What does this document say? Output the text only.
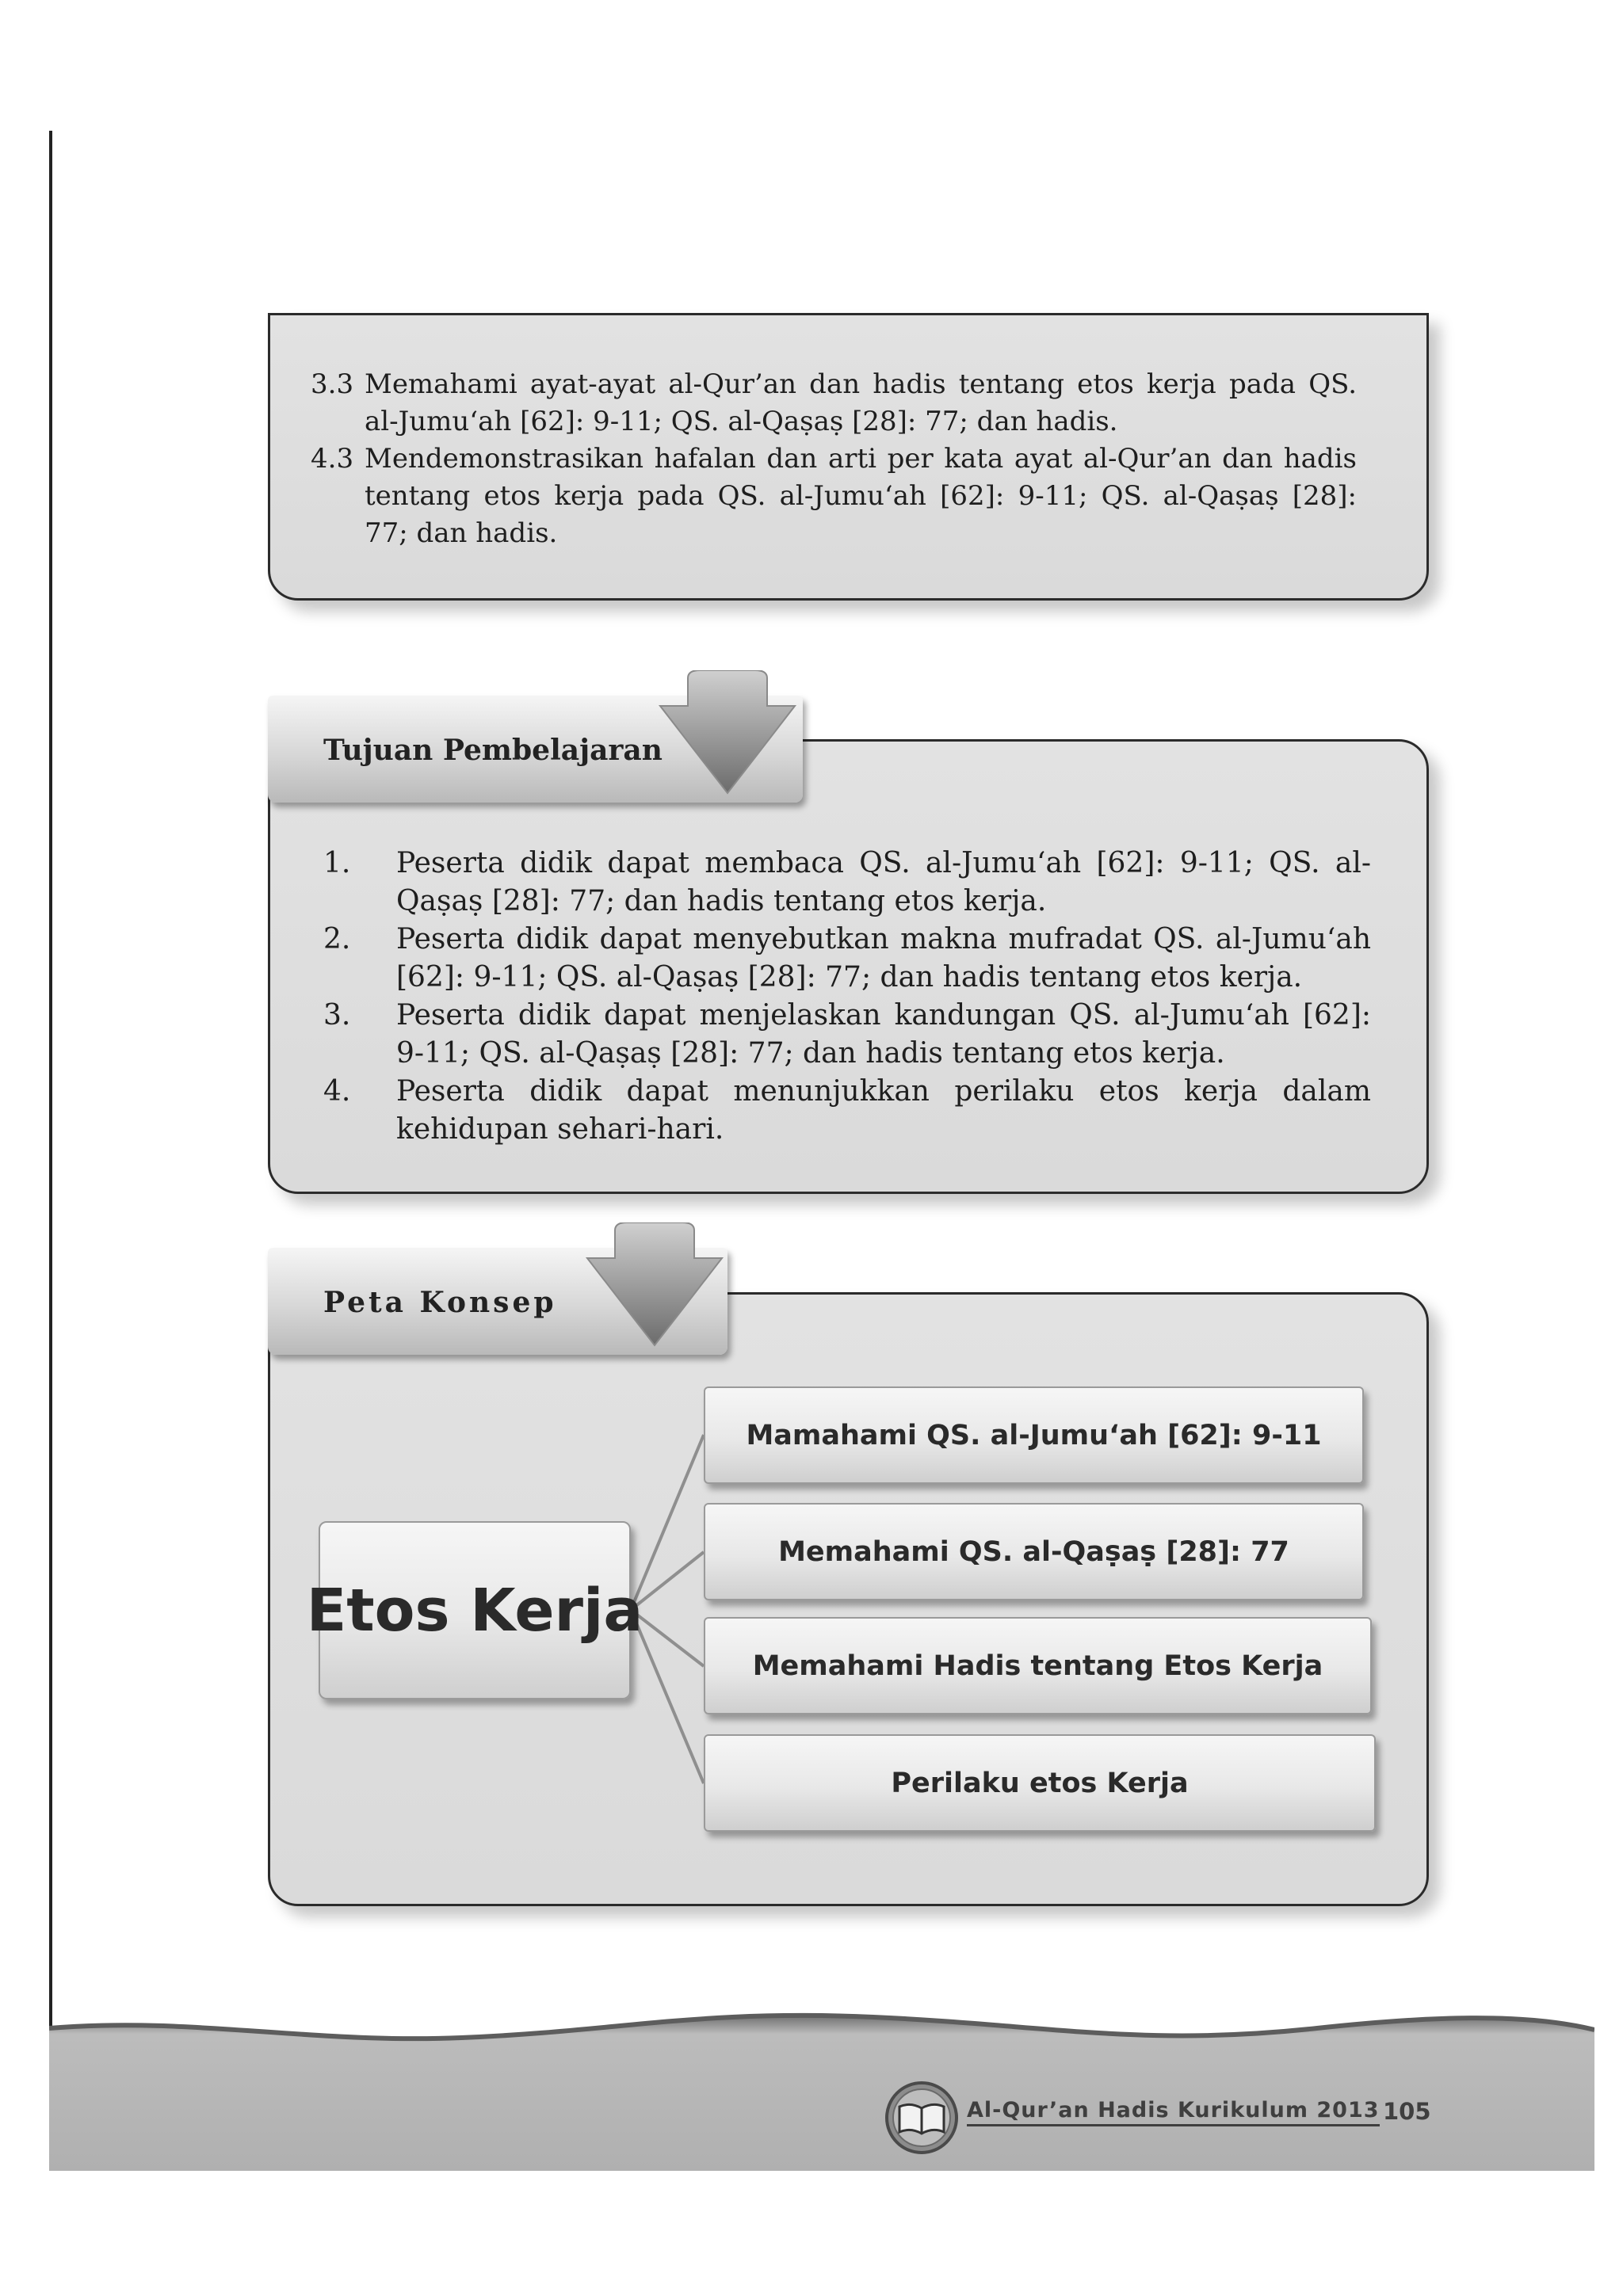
3.3 Memahami ayat-ayat al-Qur’an dan hadis tentang etos kerja pada QS. al-Jumu‘ah [62]: 9-11; QS. al-Qaṣaṣ [28]: 77; dan hadis.
4.3 Mendemonstrasikan hafalan dan arti per kata ayat al-Qur’an dan hadis tentang etos kerja pada QS. al-Jumu‘ah [62]: 9-11; QS. al-Qaṣaṣ [28]: 77; dan hadis.
Tujuan Pembelajaran
1.	Peserta didik dapat membaca QS. al-Jumu‘ah [62]: 9-11; QS. al-Qaṣaṣ [28]: 77; dan hadis tentang etos kerja.
2.	Peserta didik dapat menyebutkan makna mufradat QS. al-Jumu‘ah [62]: 9-11; QS. al-Qaṣaṣ [28]: 77; dan hadis tentang etos kerja.
3.	Peserta didik dapat menjelaskan kandungan QS. al-Jumu‘ah [62]: 9-11; QS. al-Qaṣaṣ [28]: 77; dan hadis tentang etos kerja.
4.	Peserta didik dapat menunjukkan perilaku etos kerja dalam kehidupan sehari-hari.
Peta Konsep
Etos Kerja
Mamahami QS. al-Jumu‘ah [62]: 9-11
Memahami QS. al-Qaṣaṣ [28]: 77
Memahami Hadis tentang Etos Kerja
Perilaku etos Kerja
Al-Qur’an Hadis Kurikulum 2013 105
